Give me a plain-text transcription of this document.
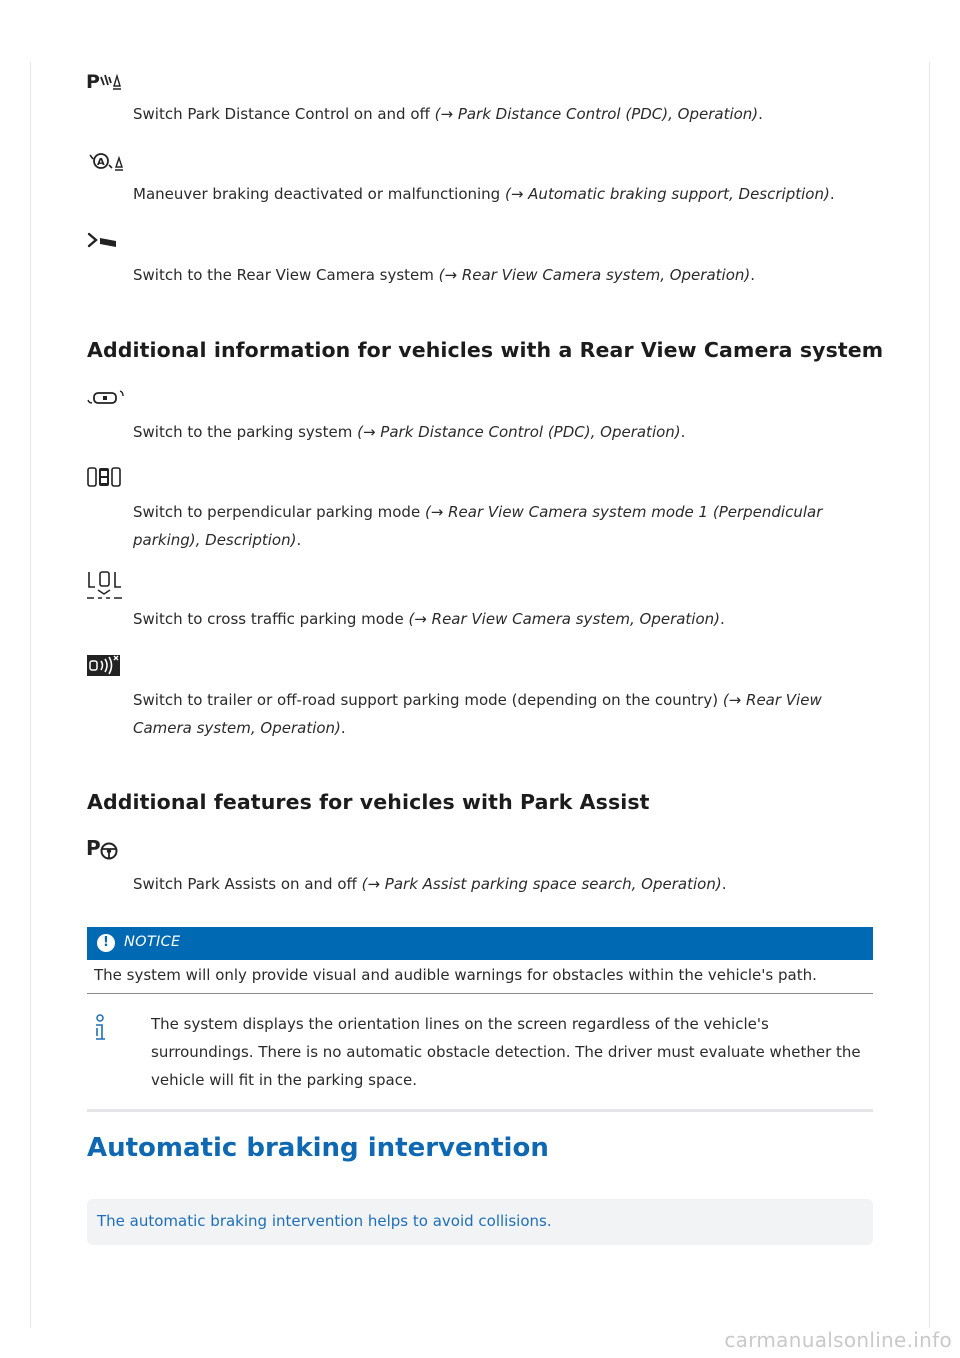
P
Switch Park Distance Control on and off (→ Park Distance Control (PDC), Operation).
A
Maneuver braking deactivated or malfunctioning (→ Automatic braking support, Description).
Switch to the Rear View Camera system (→ Rear View Camera system, Operation).
Additional information for vehicles with a Rear View Camera system
Switch to the parking system (→ Park Distance Control (PDC), Operation).
Switch to perpendicular parking mode (→ Rear View Camera system mode 1 (Perpendicular parking), Description).
Switch to cross traffic parking mode (→ Rear View Camera system, Operation).
Switch to trailer or off-road support parking mode (depending on the country) (→ Rear View Camera system, Operation).
Additional features for vehicles with Park Assist
P
Switch Park Assists on and off (→ Park Assist parking space search, Operation).
!	NOTICE
The system will only provide visual and audible warnings for obstacles within the vehicle's path.
The system displays the orientation lines on the screen regardless of the vehicle's surroundings. There is no automatic obstacle detection. The driver must evaluate whether the vehicle will fit in the parking space.
Automatic braking intervention
The automatic braking intervention helps to avoid collisions.
carmanualsonline.info
